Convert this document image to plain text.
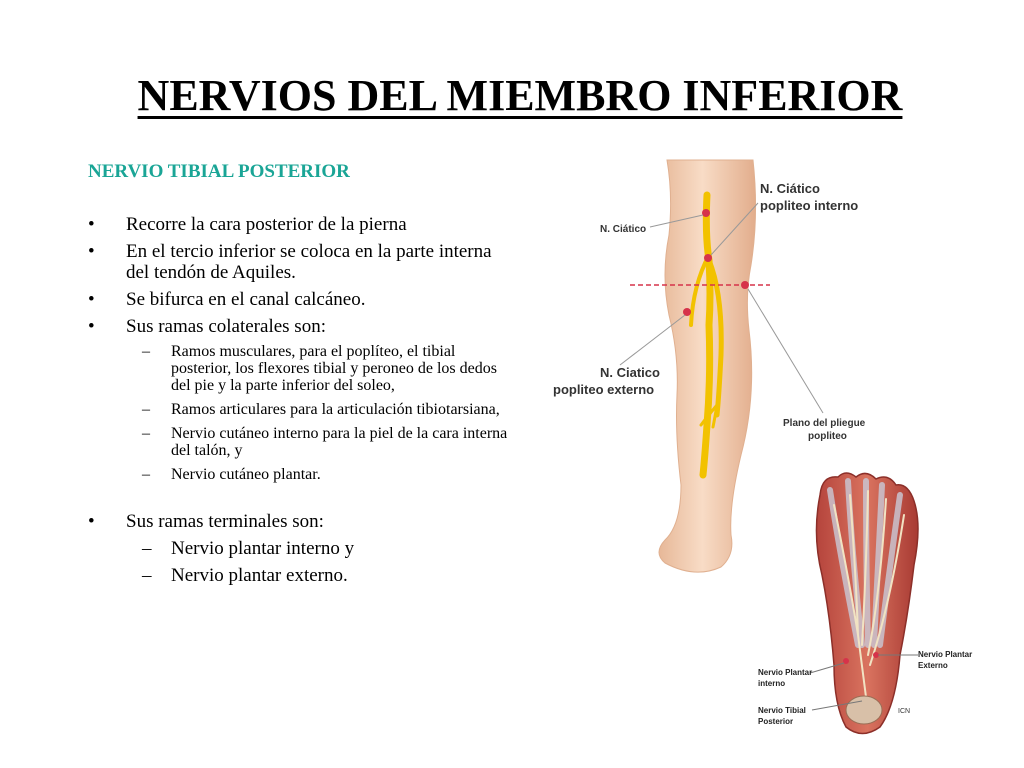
NERVIOS DEL MIEMBRO INFERIOR
NERVIO TIBIAL POSTERIOR
• Recorre la cara posterior de la pierna
• En el tercio inferior se coloca en la parte interna del tendón de Aquiles.
• Se bifurca en el canal calcáneo.
• Sus ramas colaterales son:
– Ramos musculares, para el poplíteo, el tibial posterior, los flexores tibial y peroneo de los dedos del pie y la parte inferior del soleo,
– Ramos articulares para la articulación tibiotarsiana,
– Nervio cutáneo interno para la piel de la cara interna del talón, y
– Nervio cutáneo plantar.
• Sus ramas terminales son:
– Nervio plantar interno y
– Nervio plantar externo.
N. Ciático
N. Ciático
popliteo interno
N. Ciatico
popliteo externo
Plano del pliegue
popliteo
Nervio Plantar
Externo
Nervio Plantar
interno
Nervio Tibial
Posterior
ICN
